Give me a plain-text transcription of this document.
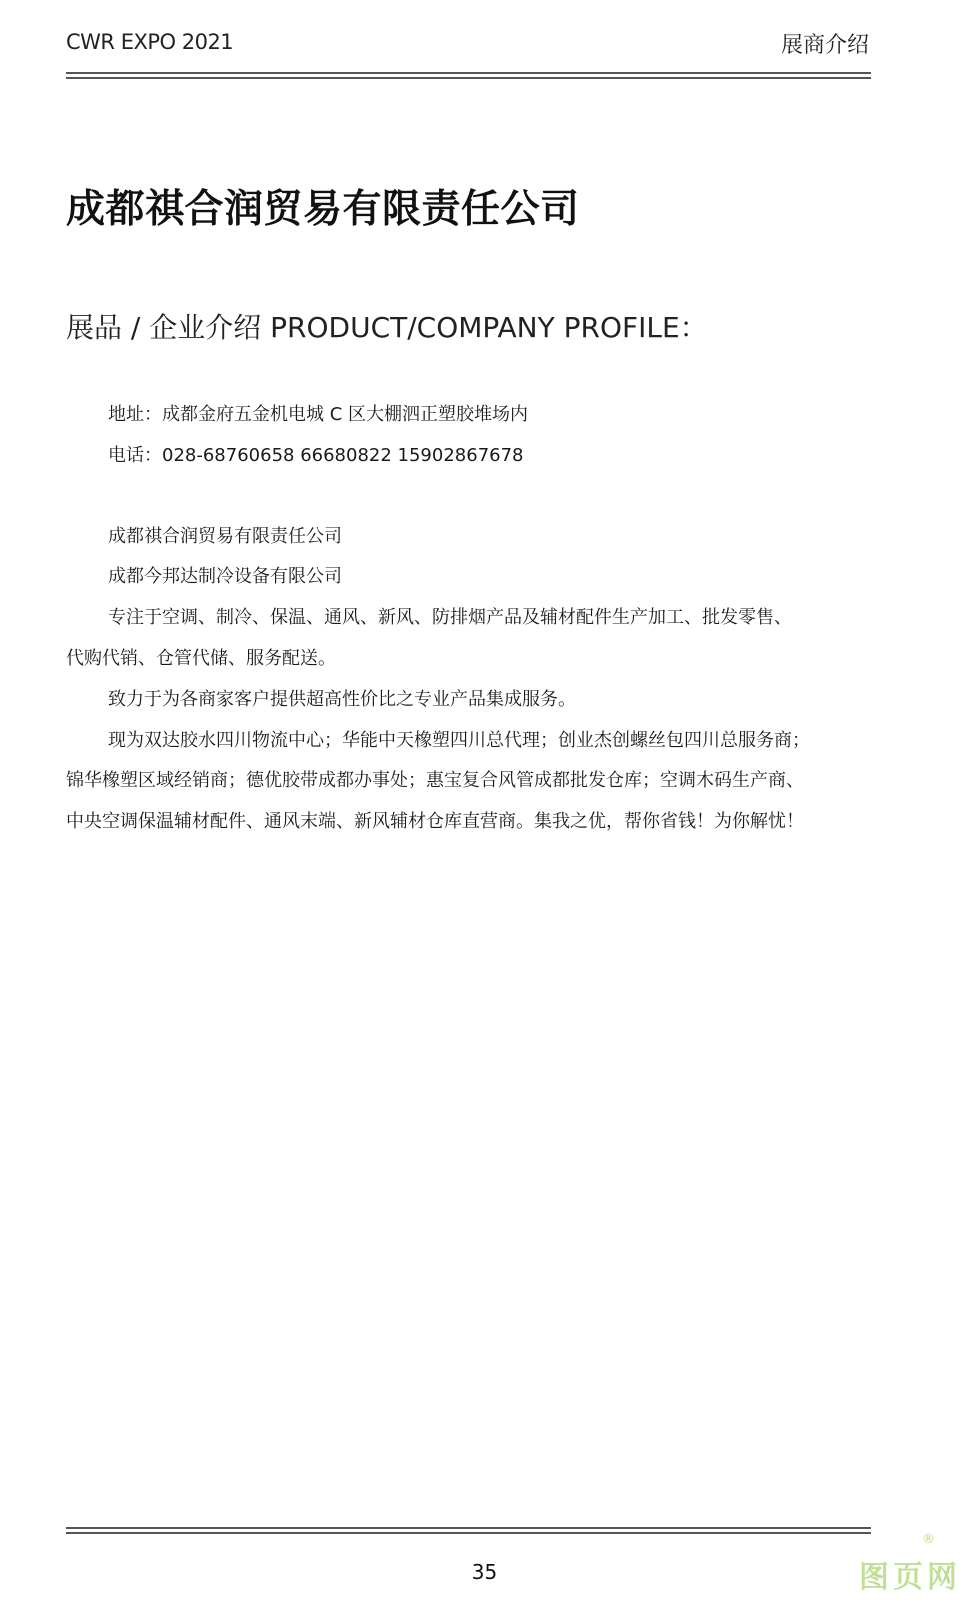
CWR EXPO 2021	展商介绍
成都祺合润贸易有限责任公司
展品 / 企业介绍 PRODUCT/COMPANY PROFILE：
地址：成都金府五金机电城 C 区大棚泗正塑胶堆场内
电话：028-68760658 66680822 15902867678
成都祺合润贸易有限责任公司
成都今邦达制冷设备有限公司
专注于空调、制冷、保温、通风、新风、防排烟产品及辅材配件生产加工、批发零售、
代购代销、仓管代储、服务配送。
致力于为各商家客户提供超高性价比之专业产品集成服务。
现为双达胶水四川物流中心；华能中天橡塑四川总代理；创业杰创螺丝包四川总服务商；
锦华橡塑区域经销商；德优胶带成都办事处；惠宝复合风管成都批发仓库；空调木码生产商、
中央空调保温辅材配件、通风末端、新风辅材仓库直营商。集我之优，帮你省钱！为你解忧！
35
®
图页网
